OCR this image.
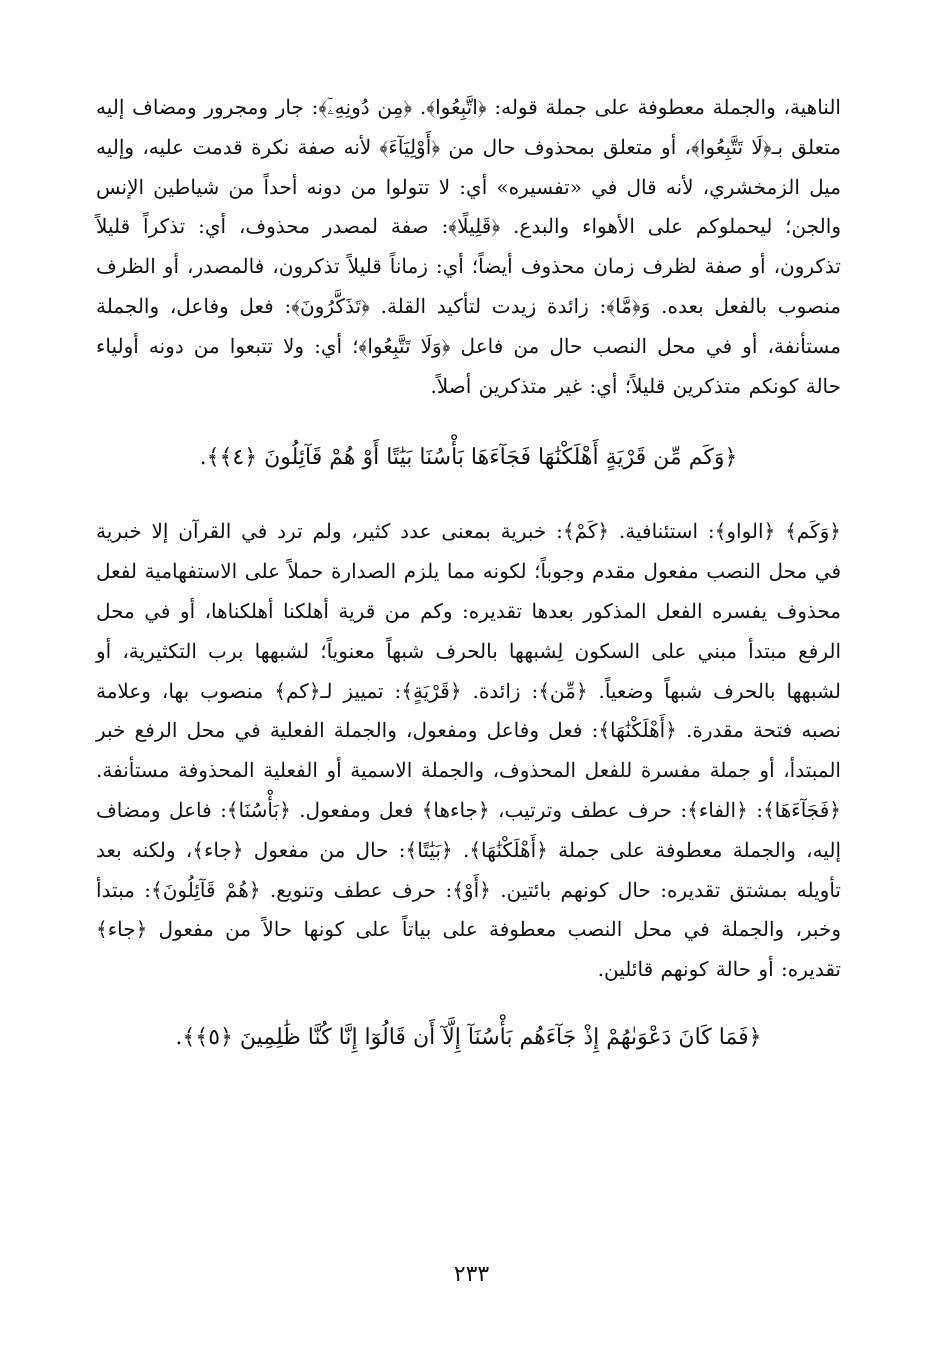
الناهية، والجملة معطوفة على جملة قوله: ﴿اتَّبِعُوا﴾. ﴿مِن دُونِهِۦٓ﴾: جار ومجرور ومضاف إليه متعلق بـ﴿لَا تَتَّبِعُوا﴾، أو متعلق بمحذوف حال من ﴿أَوْلِيَآءَ﴾ لأنه صفة نكرة قدمت عليه، وإليه ميل الزمخشري، لأنه قال في «تفسيره» أي: لا تتولوا من دونه أحداً من شياطين الإنس والجن؛ ليحملوكم على الأهواء والبدع. ﴿قَلِيلًا﴾: صفة لمصدر محذوف، أي: تذكراً قليلاً تذكرون، أو صفة لظرف زمان محذوف أيضاً؛ أي: زماناً قليلاً تذكرون، فالمصدر، أو الظرف منصوب بالفعل بعده. وَ﴿مَّا﴾: زائدة زيدت لتأكيد القلة. ﴿تَذَكَّرُونَ﴾: فعل وفاعل، والجملة مستأنفة، أو في محل النصب حال من فاعل ﴿وَلَا تَتَّبِعُوا﴾؛ أي: ولا تتبعوا من دونه أولياء حالة كونكم متذكرين قليلاً؛ أي: غير متذكرين أصلاً.

﴿وَكَم مِّن قَرْيَةٍ أَهْلَكْنَٰهَا فَجَآءَهَا بَأْسُنَا بَيَٰتًا أَوْ هُمْ قَآئِلُونَ ﴿٤﴾﴾.

﴿وَكَم﴾ ﴿الواو﴾: استئنافية. ﴿كَمْ﴾: خبرية بمعنى عدد كثير، ولم ترد في القرآن إلا خبرية في محل النصب مفعول مقدم وجوباً؛ لكونه مما يلزم الصدارة حملاً على الاستفهامية لفعل محذوف يفسره الفعل المذكور بعدها تقديره: وكم من قرية أهلكنا أهلكناها، أو في محل الرفع مبتدأ مبني على السكون لِشبهها بالحرف شبهاً معنوياً؛ لشبهها برب التكثيرية، أو لشبهها بالحرف شبهاً وضعياً. ﴿مِّن﴾: زائدة. ﴿قَرْيَةٍ﴾: تمييز لـ﴿كم﴾ منصوب بها، وعلامة نصبه فتحة مقدرة. ﴿أَهْلَكْنَٰهَا﴾: فعل وفاعل ومفعول، والجملة الفعلية في محل الرفع خبر المبتدأ، أو جملة مفسرة للفعل المحذوف، والجملة الاسمية أو الفعلية المحذوفة مستأنفة. ﴿فَجَآءَهَا﴾: ﴿الفاء﴾: حرف عطف وترتيب، ﴿جاءها﴾ فعل ومفعول. ﴿بَأْسُنَا﴾: فاعل ومضاف إليه، والجملة معطوفة على جملة ﴿أَهْلَكْنَٰهَا﴾. ﴿بَيَٰتًا﴾: حال من مفعول ﴿جاء﴾، ولكنه بعد تأويله بمشتق تقديره: حال كونهم بائتين. ﴿أَوْ﴾: حرف عطف وتنويع. ﴿هُمْ قَآئِلُونَ﴾: مبتدأ وخبر، والجملة في محل النصب معطوفة على بياتاً على كونها حالاً من مفعول ﴿جاء﴾ تقديره: أو حالة كونهم قائلين.

﴿فَمَا كَانَ دَعْوَىٰهُمْ إِذْ جَآءَهُم بَأْسُنَآ إِلَّآ أَن قَالُوٓا إِنَّا كُنَّا ظَٰلِمِينَ ﴿٥﴾﴾.

٢٣٣
